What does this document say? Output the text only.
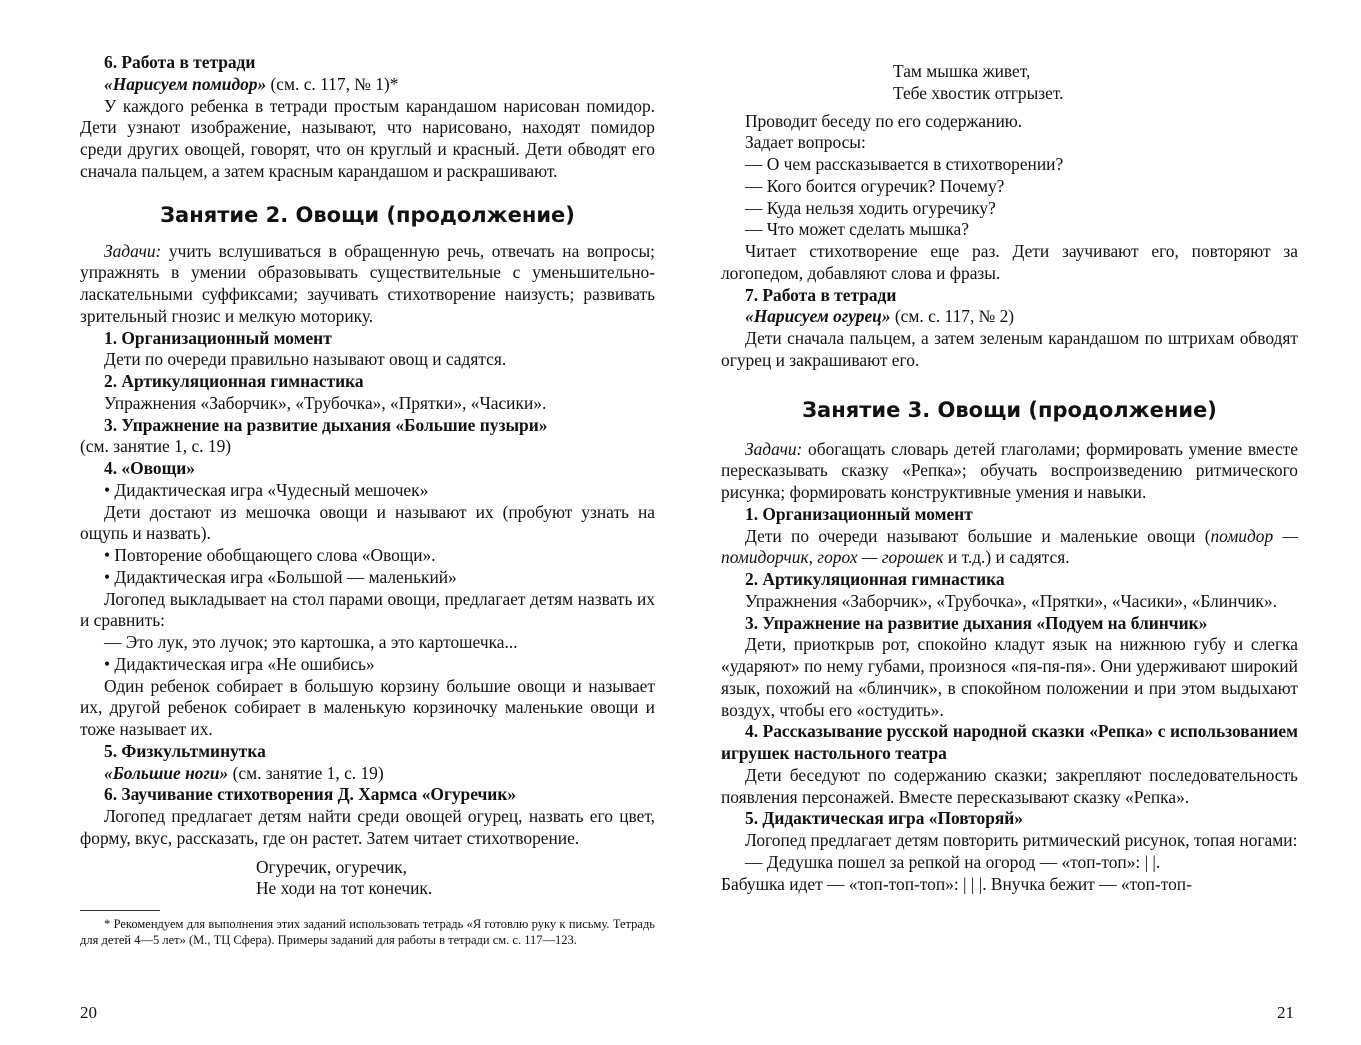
6. Работа в тетради

«Нарисуем помидор» (см. с. 117, № 1)*

У каждого ребенка в тетради простым карандашом нарисован помидор. Дети узнают изображение, называют, что нарисовано, находят помидор среди других овощей, говорят, что он круглый и красный. Дети обводят его сначала пальцем, а затем красным карандашом и раскрашивают.

Занятие 2. Овощи (продолжение)

Задачи: учить вслушиваться в обращенную речь, отвечать на вопросы; упражнять в умении образовывать существительные с уменьшительно-ласкательными суффиксами; заучивать стихотворение наизусть; развивать зрительный гнозис и мелкую моторику.

1. Организационный момент

Дети по очереди правильно называют овощ и садятся.

2. Артикуляционная гимнастика

Упражнения «Заборчик», «Трубочка», «Прятки», «Часики».

3. Упражнение на развитие дыхания «Большие пузыри»

(см. занятие 1, с. 19)

4. «Овощи»

• Дидактическая игра «Чудесный мешочек»

Дети достают из мешочка овощи и называют их (пробуют узнать на ощупь и назвать).

• Повторение обобщающего слова «Овощи».

• Дидактическая игра «Большой — маленький»

Логопед выкладывает на стол парами овощи, предлагает детям назвать их и сравнить:

— Это лук, это лучок; это картошка, а это картошечка...

• Дидактическая игра «Не ошибись»

Один ребенок собирает в большую корзину большие овощи и называет их, другой ребенок собирает в маленькую корзиночку маленькие овощи и тоже называет их.

5. Физкультминутка

«Большие ноги» (см. занятие 1, с. 19)

6. Заучивание стихотворения Д. Хармса «Огуречик»

Логопед предлагает детям найти среди овощей огурец, назвать его цвет, форму, вкус, рассказать, где он растет. Затем читает стихотворение.

Огуречик, огуречик,

Не ходи на тот конечик.

* Рекомендуем для выполнения этих заданий использовать тетрадь «Я готовлю руку к письму. Тетрадь для детей 4—5 лет» (М., ТЦ Сфера). Примеры заданий для работы в тетради см. с. 117—123.

20

Там мышка живет,

Тебе хвостик отгрызет.

Проводит беседу по его содержанию.

Задает вопросы:

— О чем рассказывается в стихотворении?

— Кого боится огуречик? Почему?

— Куда нельзя ходить огуречику?

— Что может сделать мышка?

Читает стихотворение еще раз. Дети заучивают его, повторяют за логопедом, добавляют слова и фразы.

7. Работа в тетради

«Нарисуем огурец» (см. с. 117, № 2)

Дети сначала пальцем, а затем зеленым карандашом по штрихам обводят огурец и закрашивают его.

Занятие 3. Овощи (продолжение)

Задачи: обогащать словарь детей глаголами; формировать умение вместе пересказывать сказку «Репка»; обучать воспроизведению ритмического рисунка; формировать конструктивные умения и навыки.

1. Организационный момент

Дети по очереди называют большие и маленькие овощи (помидор — помидорчик, горох — горошек и т.д.) и садятся.

2. Артикуляционная гимнастика

Упражнения «Заборчик», «Трубочка», «Прятки», «Часики», «Блинчик».

3. Упражнение на развитие дыхания «Подуем на блинчик»

Дети, приоткрыв рот, спокойно кладут язык на нижнюю губу и слегка «ударяют» по нему губами, произнося «пя-пя-пя». Они удерживают широкий язык, похожий на «блинчик», в спокойном положении и при этом выдыхают воздух, чтобы его «остудить».

4. Рассказывание русской народной сказки «Репка» с использованием игрушек настольного театра

Дети беседуют по содержанию сказки; закрепляют последовательность появления персонажей. Вместе пересказывают сказку «Репка».

5. Дидактическая игра «Повторяй»

Логопед предлагает детям повторить ритмический рисунок, топая ногами:

— Дедушка пошел за репкой на огород — «топ-топ»: | |.

Бабушка идет — «топ-топ-топ»: | | |. Внучка бежит — «топ-топ-

21
